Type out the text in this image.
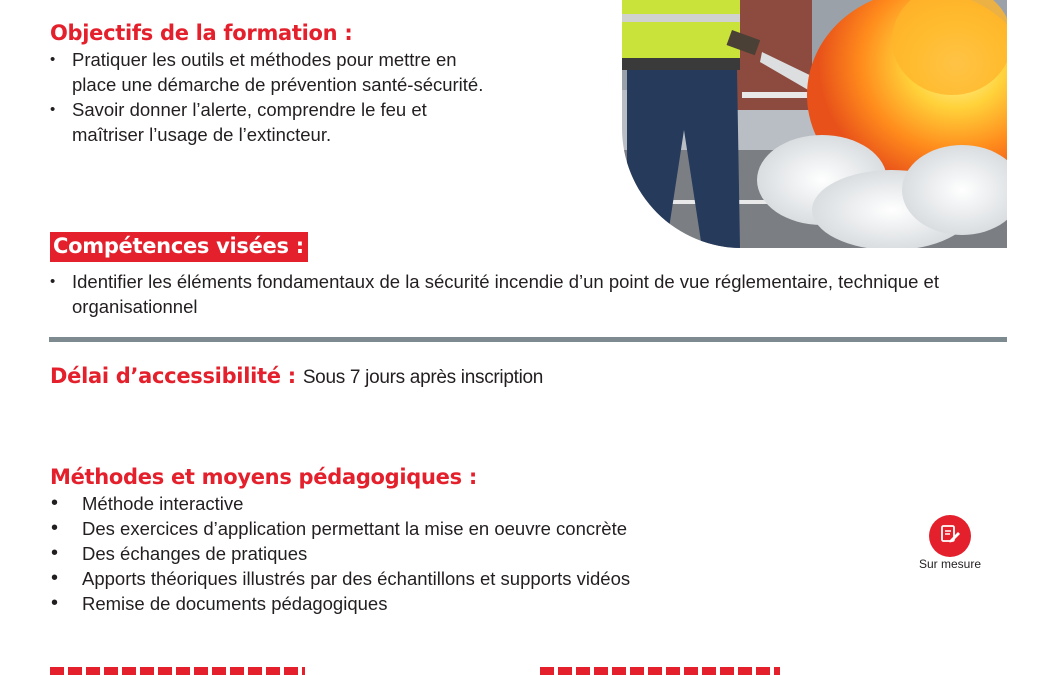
Objectifs de la formation :
• Pratiquer les outils et méthodes pour mettre en place une démarche de prévention santé-sécurité.
• Savoir donner l’alerte, comprendre le feu et maîtriser l’usage de l’extincteur.
Compétences visées :
• Identifier les éléments fondamentaux de la sécurité incendie d’un point de vue réglementaire, technique et organisationnel
Délai d’accessibilité : Sous 7 jours après inscription
Méthodes et moyens pédagogiques :
• Méthode interactive
• Des exercices d’application permettant la mise en oeuvre concrète
• Des échanges de pratiques
• Apports théoriques illustrés par des échantillons et supports vidéos
• Remise de documents pédagogiques
Sur mesure
